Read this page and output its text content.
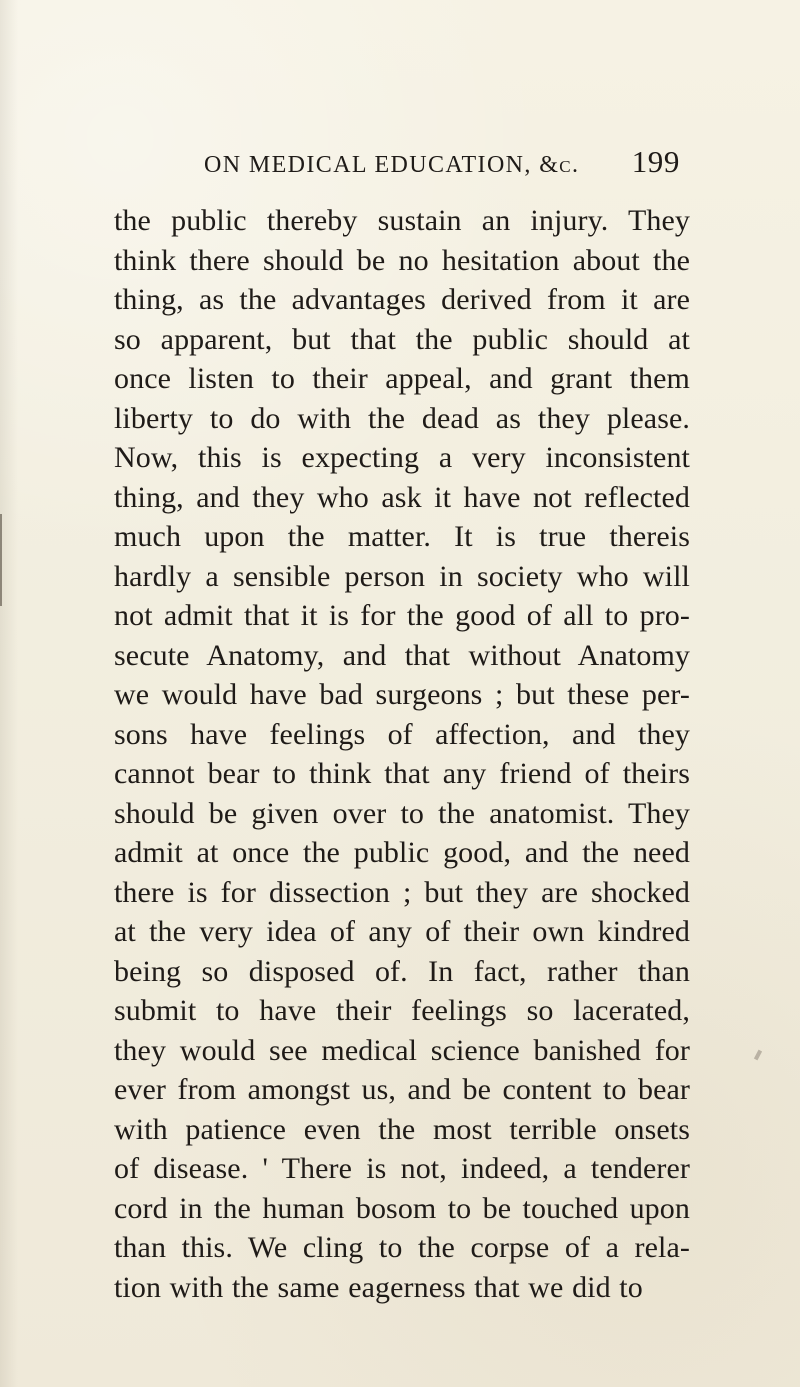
ON MEDICAL EDUCATION, &c. 199
the public thereby sustain an injury. They
think there should be no hesitation about the
thing, as the advantages derived from it are
so apparent, but that the public should at
once listen to their appeal, and grant them
liberty to do with the dead as they please.
Now, this is expecting a very inconsistent
thing, and they who ask it have not reflected
much upon the matter. It is true thereis
hardly a sensible person in society who will
not admit that it is for the good of all to pro-
secute Anatomy, and that without Anatomy
we would have bad surgeons ; but these per-
sons have feelings of affection, and they
cannot bear to think that any friend of theirs
should be given over to the anatomist. They
admit at once the public good, and the need
there is for dissection ; but they are shocked
at the very idea of any of their own kindred
being so disposed of. In fact, rather than
submit to have their feelings so lacerated,
they would see medical science banished for
ever from amongst us, and be content to bear
with patience even the most terrible onsets
of disease. ' There is not, indeed, a tenderer
cord in the human bosom to be touched upon
than this. We cling to the corpse of a rela-
tion with the same eagerness that we did to
